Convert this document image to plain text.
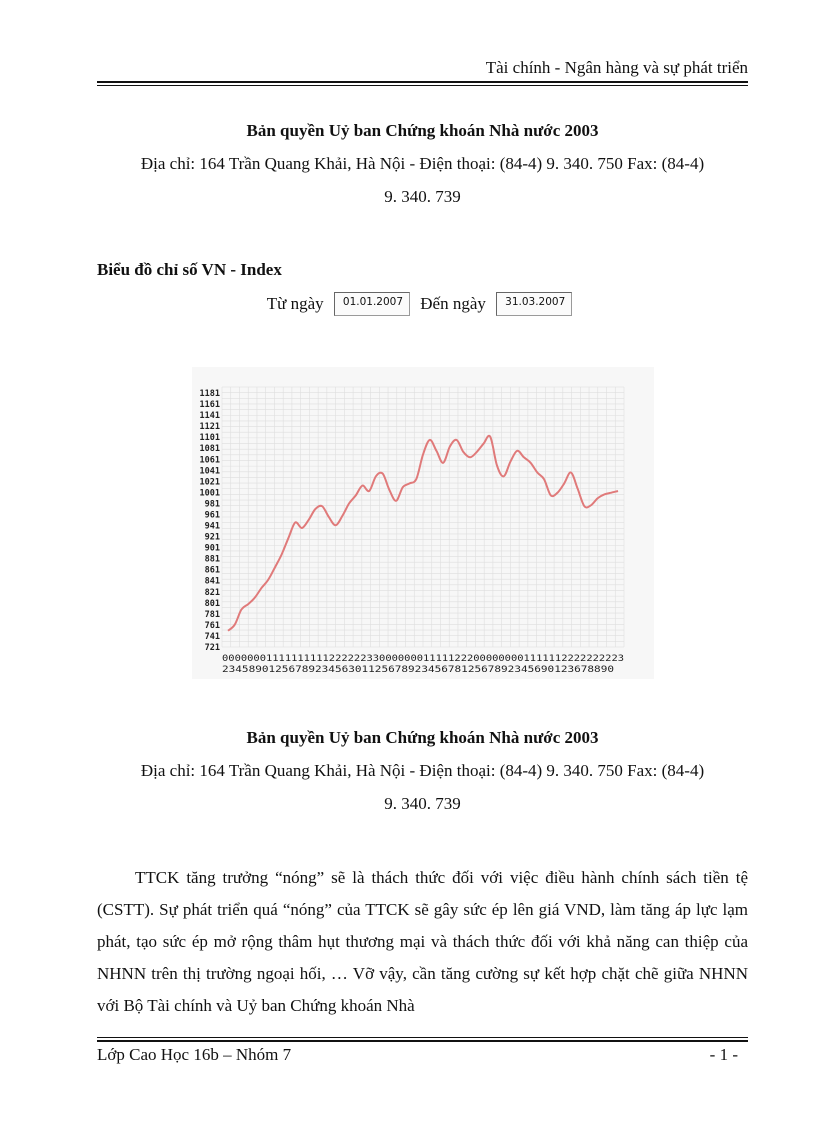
Tài chính - Ngân hàng và sự phát triển
Bản quyền Uỷ ban Chứng khoán Nhà nước 2003
Địa chỉ: 164 Trần Quang Khải, Hà Nội - Điện thoại: (84-4) 9. 340. 750 Fax: (84-4)
9. 340. 739
Biểu đồ chỉ số VN - Index
Từ ngày 01.01.2007 Đến ngày 31.03.2007
1181
1161
1141
1121
1101
1081
1061
1041
1021
1001
981
961
941
921
901
881
861
841
821
801
781
761
741
721
0000000111111111122222233000000011111222000000001111112222222223
23458901256789234563011256789234567812567892345690123678890
Bản quyền Uỷ ban Chứng khoán Nhà nước 2003
Địa chỉ: 164 Trần Quang Khải, Hà Nội - Điện thoại: (84-4) 9. 340. 750 Fax: (84-4)
9. 340. 739

TTCK tăng trưởng “nóng” sẽ là thách thức đối với việc điều hành chính sách tiền tệ (CSTT). Sự phát triển quá “nóng” của TTCK sẽ gây sức ép lên giá VND, làm tăng áp lực lạm phát, tạo sức ép mở rộng thâm hụt thương mại và thách thức đối với khả năng can thiệp của NHNN trên thị trường ngoại hối, … Vỡ vậy, cần tăng cường sự kết hợp chặt chẽ giữa NHNN với Bộ Tài chính và Uỷ ban Chứng khoán Nhà

Lớp Cao Học 16b – Nhóm 7	- 1 -
